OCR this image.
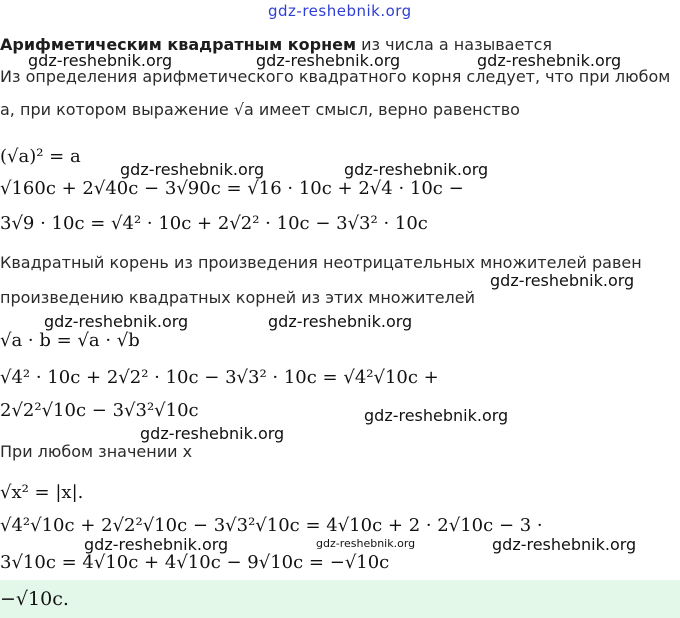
gdz-reshebnik.org
Арифметическим квадратным корнем из числа a называется
gdz-reshebnik.org	gdz-reshebnik.org	gdz-reshebnik.org
Из определения арифметического квадратного корня следует, что при любом
a, при котором выражение √a имеет смысл, верно равенство
(√a)² = a
gdz-reshebnik.org	gdz-reshebnik.org
√160c + 2√40c − 3√90c = √16 · 10c + 2√4 · 10c −
3√9 · 10c = √4² · 10c + 2√2² · 10c − 3√3² · 10c
Квадратный корень из произведения неотрицательных множителей равен
gdz-reshebnik.org
произведению квадратных корней из этих множителей
gdz-reshebnik.org	gdz-reshebnik.org
√a · b = √a · √b
√4² · 10c + 2√2² · 10c − 3√3² · 10c = √4²√10c +
2√2²√10c − 3√3²√10c	gdz-reshebnik.org
gdz-reshebnik.org
При любом значении x
√x² = |x|.
√4²√10c + 2√2²√10c − 3√3²√10c = 4√10c + 2 · 2√10c − 3 ·
gdz-reshebnik.org	gdz-reshebnik.org	gdz-reshebnik.org
3√10c = 4√10c + 4√10c − 9√10c = −√10c
−√10c.
